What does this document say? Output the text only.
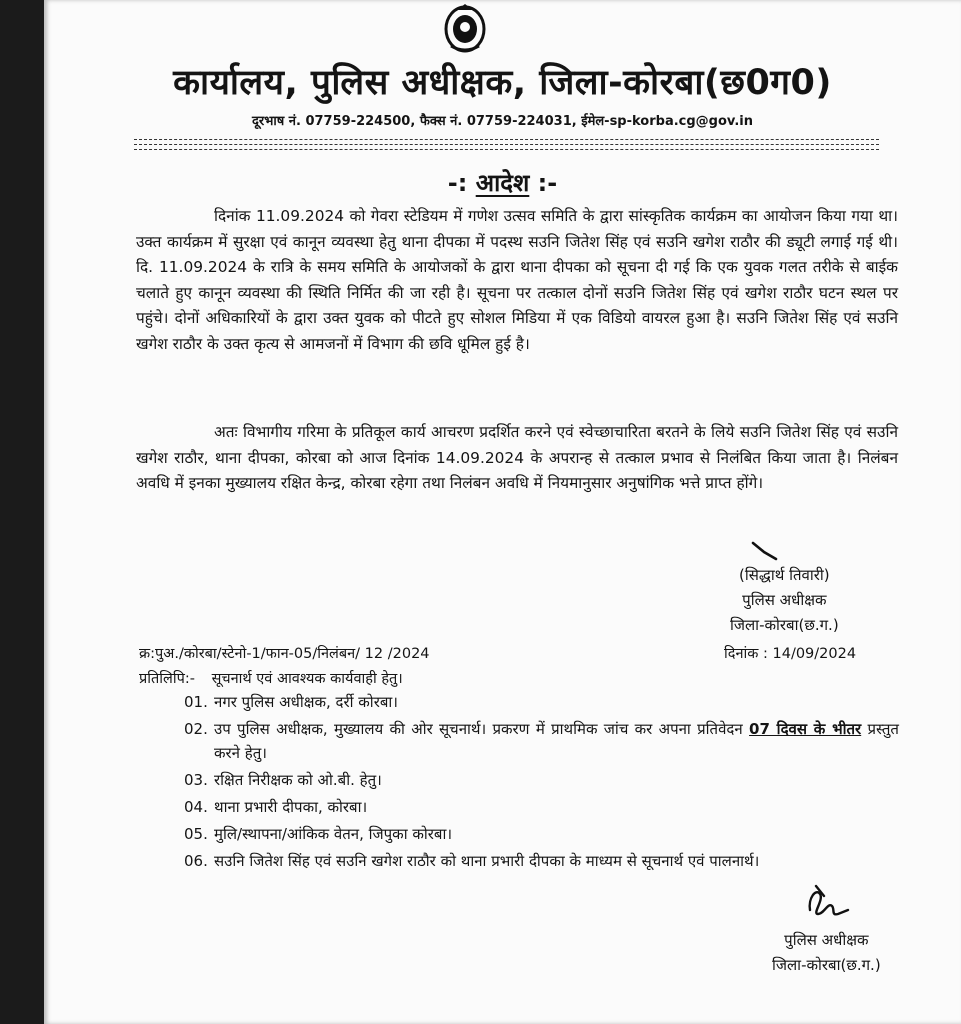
कार्यालय, पुलिस अधीक्षक, जिला-कोरबा(छ0ग0)
दूरभाष नं. 07759-224500, फैक्स नं. 07759-224031, ईमेल-sp-korba.cg@gov.in
-: आदेश :-

दिनांक 11.09.2024 को गेवरा स्टेडियम में गणेश उत्सव समिति के द्वारा सांस्कृतिक कार्यक्रम का आयोजन किया गया था। उक्त कार्यक्रम में सुरक्षा एवं कानून व्यवस्था हेतु थाना दीपका में पदस्थ सउनि जितेश सिंह एवं सउनि खगेश राठौर की ड्यूटी लगाई गई थी। दि. 11.09.2024 के रात्रि के समय समिति के आयोजकों के द्वारा थाना दीपका को सूचना दी गई कि एक युवक गलत तरीके से बाईक चलाते हुए कानून व्यवस्था की स्थिति निर्मित की जा रही है। सूचना पर तत्काल दोनों सउनि जितेश सिंह एवं खगेश राठौर घटन स्थल पर पहुंचे। दोनों अधिकारियों के द्वारा उक्त युवक को पीटते हुए सोशल मिडिया में एक विडियो वायरल हुआ है। सउनि जितेश सिंह एवं सउनि खगेश राठौर के उक्त कृत्य से आमजनों में विभाग की छवि धूमिल हुई है।

अतः विभागीय गरिमा के प्रतिकूल कार्य आचरण प्रदर्शित करने एवं स्वेच्छाचारिता बरतने के लिये सउनि जितेश सिंह एवं सउनि खगेश राठौर, थाना दीपका, कोरबा को आज दिनांक 14.09.2024 के अपरान्ह से तत्काल प्रभाव से निलंबित किया जाता है। निलंबन अवधि में इनका मुख्यालय रक्षित केन्द्र, कोरबा रहेगा तथा निलंबन अवधि में नियमानुसार अनुषांगिक भत्ते प्राप्त होंगे।

(सिद्धार्थ तिवारी)
पुलिस अधीक्षक
जिला-कोरबा(छ.ग.)
क्र:पुअ./कोरबा/स्टेनो-1/फान-05/निलंबन/ 12 /2024	दिनांक : 14/09/2024
प्रतिलिपि:- सूचनार्थ एवं आवश्यक कार्यवाही हेतु।
01. नगर पुलिस अधीक्षक, दर्री कोरबा।
02. उप पुलिस अधीक्षक, मुख्यालय की ओर सूचनार्थ। प्रकरण में प्राथमिक जांच कर अपना प्रतिवेदन 07 दिवस के भीतर प्रस्तुत करने हेतु।
03. रक्षित निरीक्षक को ओ.बी. हेतु।
04. थाना प्रभारी दीपका, कोरबा।
05. मुलि/स्थापना/आंकिक वेतन, जिपुका कोरबा।
06. सउनि जितेश सिंह एवं सउनि खगेश राठौर को थाना प्रभारी दीपका के माध्यम से सूचनार्थ एवं पालनार्थ।
पुलिस अधीक्षक
जिला-कोरबा(छ.ग.)
